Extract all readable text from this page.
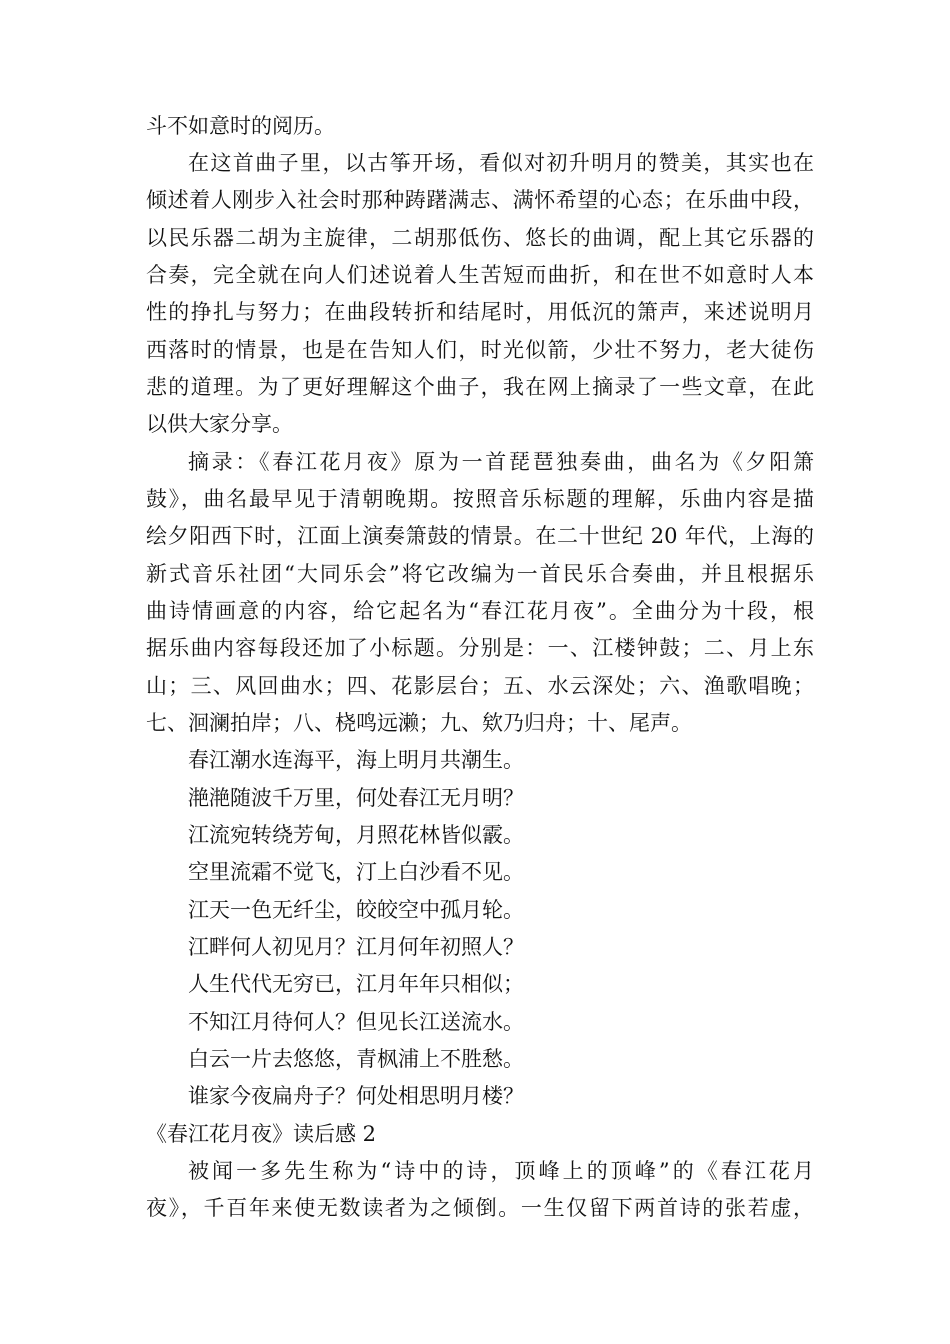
斗不如意时的阅历。
在这首曲子里，以古筝开场，看似对初升明月的赞美，其实也在
倾述着人刚步入社会时那种踌躇满志、满怀希望的心态；在乐曲中段，
以民乐器二胡为主旋律，二胡那低伤、悠长的曲调，配上其它乐器的
合奏，完全就在向人们述说着人生苦短而曲折，和在世不如意时人本
性的挣扎与努力；在曲段转折和结尾时，用低沉的箫声，来述说明月
西落时的情景，也是在告知人们，时光似箭，少壮不努力，老大徒伤
悲的道理。为了更好理解这个曲子，我在网上摘录了一些文章，在此
以供大家分享。
摘录：《春江花月夜》原为一首琵琶独奏曲，曲名为《夕阳箫
鼓》，曲名最早见于清朝晚期。按照音乐标题的理解，乐曲内容是描
绘夕阳西下时，江面上演奏箫鼓的情景。在二十世纪 20 年代，上海的
新式音乐社团“大同乐会”将它改编为一首民乐合奏曲，并且根据乐
曲诗情画意的内容，给它起名为“春江花月夜”。全曲分为十段，根
据乐曲内容每段还加了小标题。分别是：一、江楼钟鼓；二、月上东
山；三、风回曲水；四、花影层台；五、水云深处；六、渔歌唱晚；
七、洄澜拍岸；八、桡鸣远濑；九、欸乃归舟；十、尾声。
春江潮水连海平，海上明月共潮生。
滟滟随波千万里，何处春江无月明？
江流宛转绕芳甸，月照花林皆似霰。
空里流霜不觉飞，汀上白沙看不见。
江天一色无纤尘，皎皎空中孤月轮。
江畔何人初见月？江月何年初照人？
人生代代无穷已，江月年年只相似；
不知江月待何人？但见长江送流水。
白云一片去悠悠，青枫浦上不胜愁。
谁家今夜扁舟子？何处相思明月楼？
《春江花月夜》读后感 2
被闻一多先生称为“诗中的诗，顶峰上的顶峰”的《春江花月
夜》，千百年来使无数读者为之倾倒。一生仅留下两首诗的张若虚，
